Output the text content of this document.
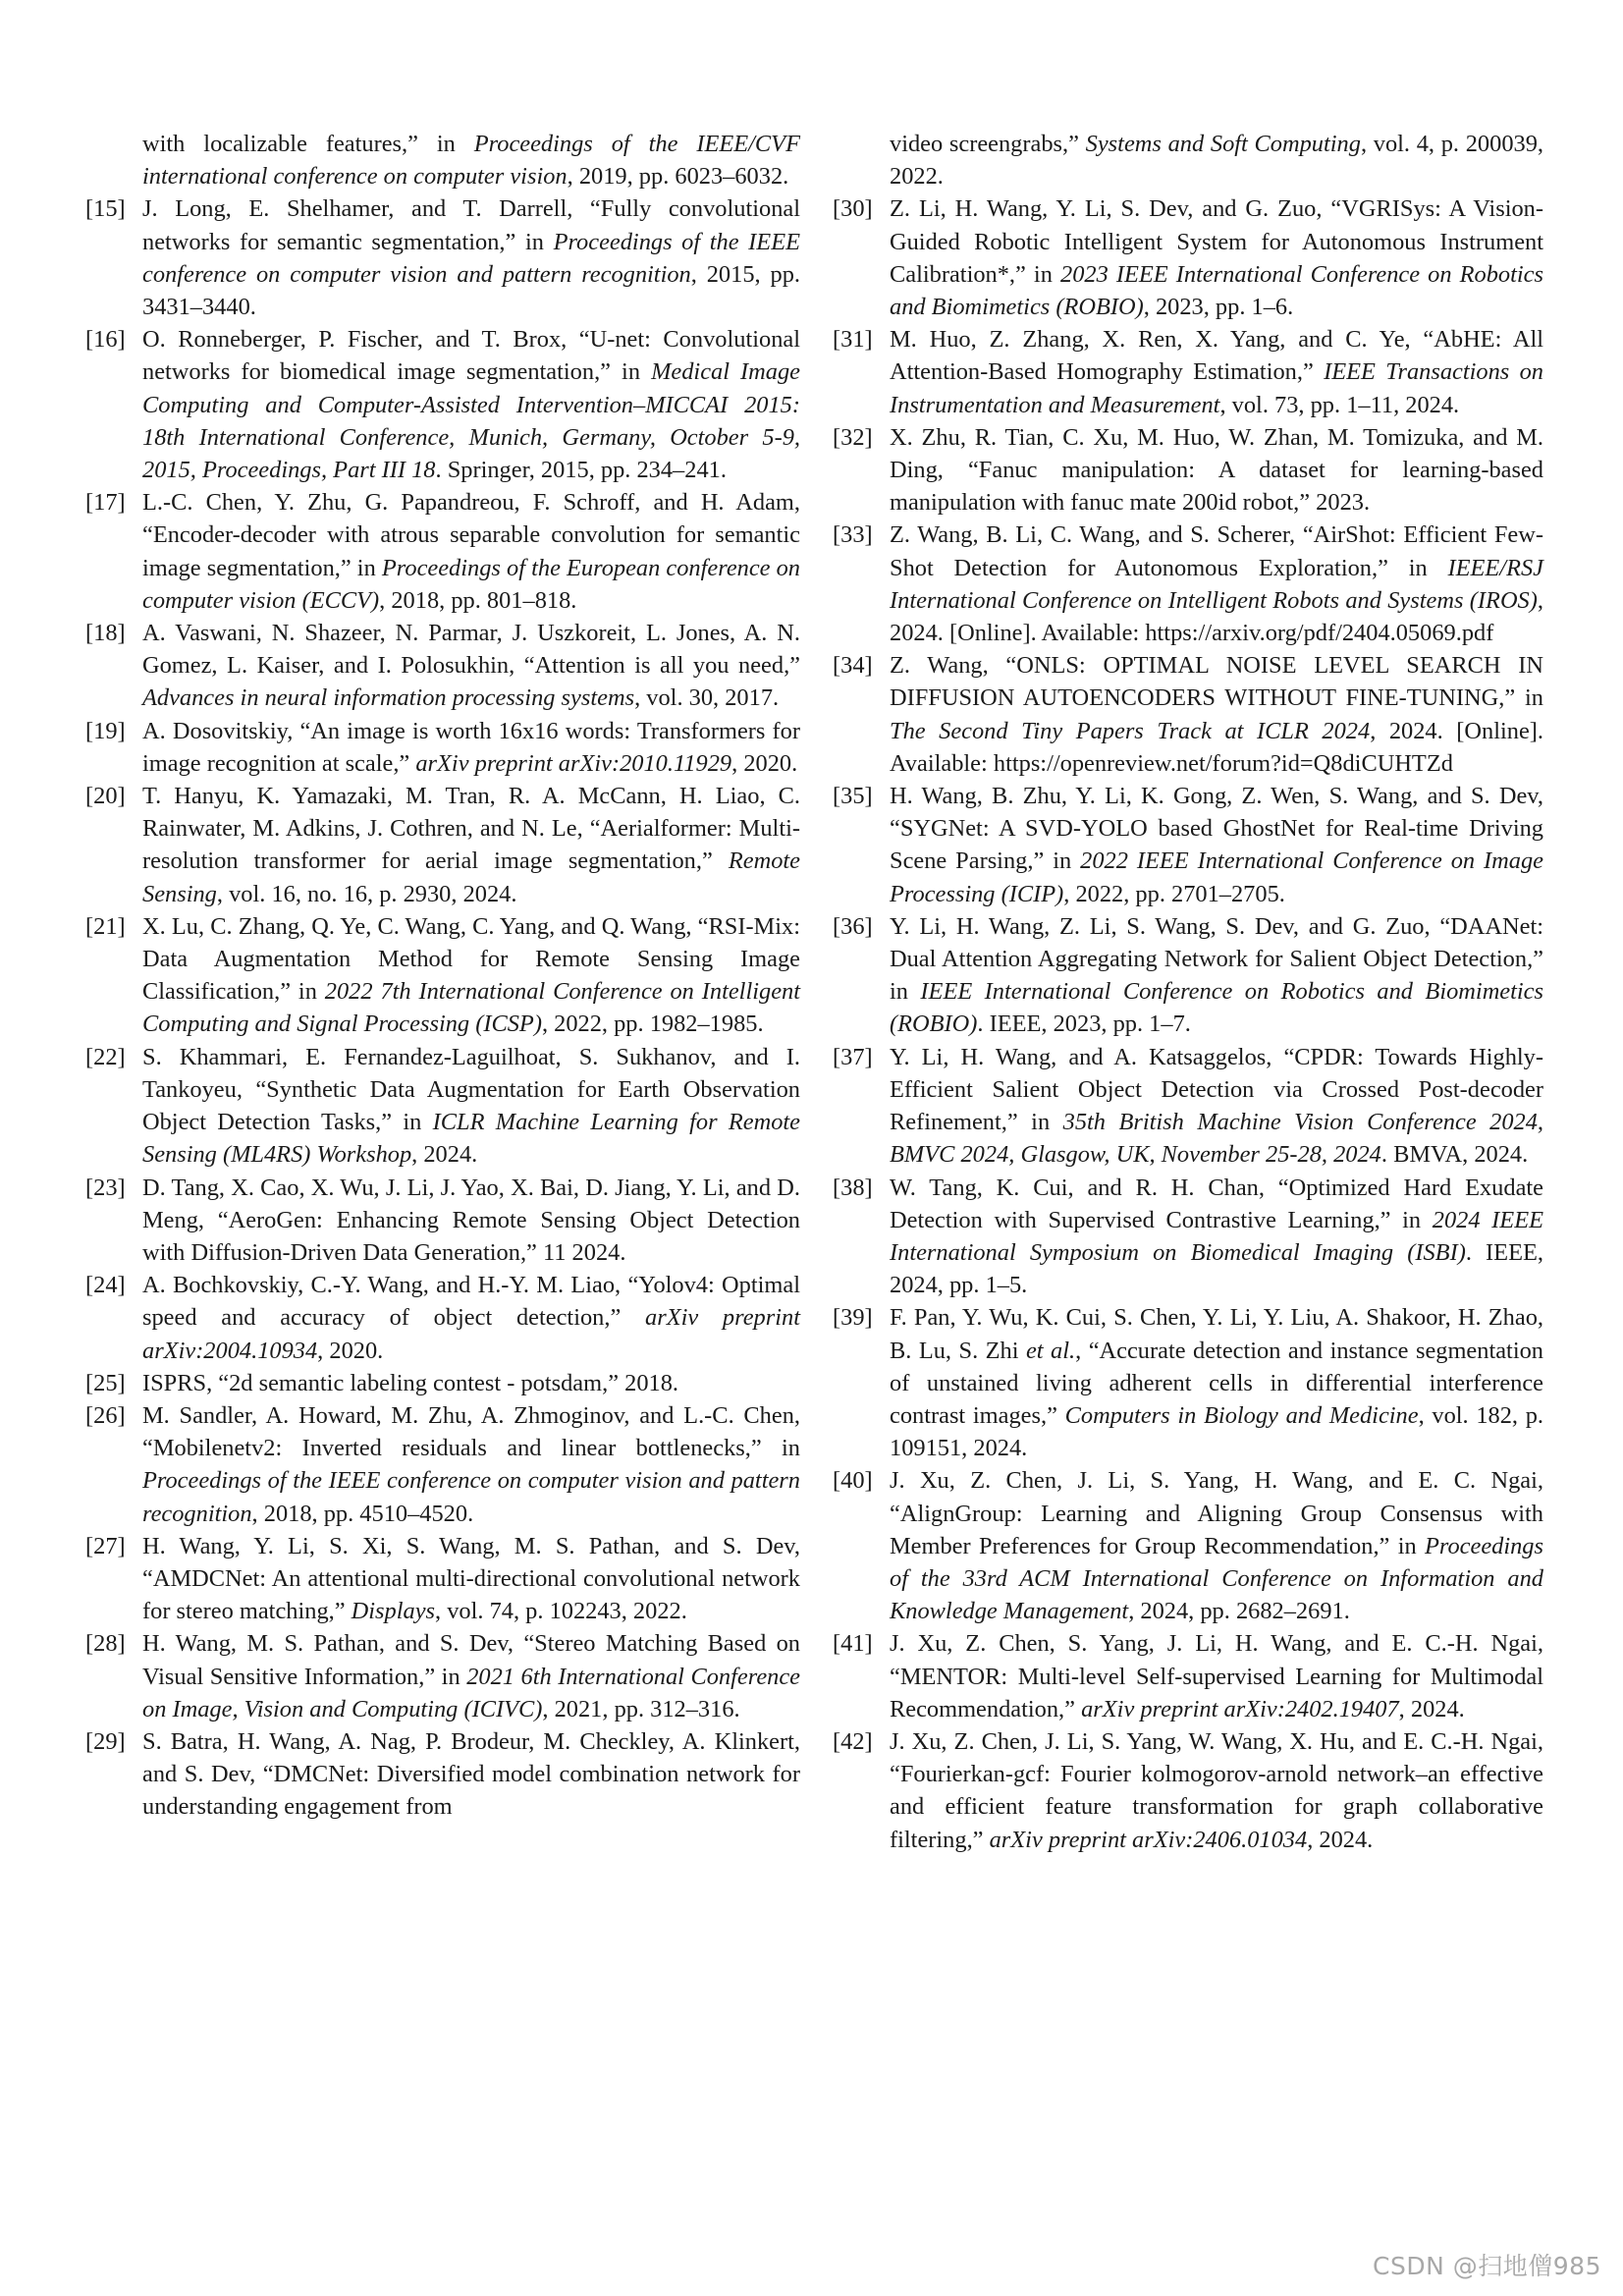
with localizable features,” in Proceedings of the IEEE/CVF international conference on computer vision, 2019, pp. 6023–6032.
[15] J. Long, E. Shelhamer, and T. Darrell, “Fully convolutional networks for semantic segmentation,” in Proceedings of the IEEE conference on computer vision and pattern recognition, 2015, pp. 3431–3440.
[16] O. Ronneberger, P. Fischer, and T. Brox, “U-net: Convolutional networks for biomedical image segmentation,” in Medical Image Computing and Computer-Assisted Intervention–MICCAI 2015: 18th International Conference, Munich, Germany, October 5-9, 2015, Proceedings, Part III 18. Springer, 2015, pp. 234–241.
[17] L.-C. Chen, Y. Zhu, G. Papandreou, F. Schroff, and H. Adam, “Encoder-decoder with atrous separable convolution for semantic image segmentation,” in Proceedings of the European conference on computer vision (ECCV), 2018, pp. 801–818.
[18] A. Vaswani, N. Shazeer, N. Parmar, J. Uszkoreit, L. Jones, A. N. Gomez, L. Kaiser, and I. Polosukhin, “Attention is all you need,” Advances in neural information processing systems, vol. 30, 2017.
[19] A. Dosovitskiy, “An image is worth 16x16 words: Transformers for image recognition at scale,” arXiv preprint arXiv:2010.11929, 2020.
[20] T. Hanyu, K. Yamazaki, M. Tran, R. A. McCann, H. Liao, C. Rainwater, M. Adkins, J. Cothren, and N. Le, “Aerialformer: Multi-resolution transformer for aerial image segmentation,” Remote Sensing, vol. 16, no. 16, p. 2930, 2024.
[21] X. Lu, C. Zhang, Q. Ye, C. Wang, C. Yang, and Q. Wang, “RSI-Mix: Data Augmentation Method for Remote Sensing Image Classification,” in 2022 7th International Conference on Intelligent Computing and Signal Processing (ICSP), 2022, pp. 1982–1985.
[22] S. Khammari, E. Fernandez-Laguilhoat, S. Sukhanov, and I. Tankoyeu, “Synthetic Data Augmentation for Earth Observation Object Detection Tasks,” in ICLR Machine Learning for Remote Sensing (ML4RS) Workshop, 2024.
[23] D. Tang, X. Cao, X. Wu, J. Li, J. Yao, X. Bai, D. Jiang, Y. Li, and D. Meng, “AeroGen: Enhancing Remote Sensing Object Detection with Diffusion-Driven Data Generation,” 11 2024.
[24] A. Bochkovskiy, C.-Y. Wang, and H.-Y. M. Liao, “Yolov4: Optimal speed and accuracy of object detection,” arXiv preprint arXiv:2004.10934, 2020.
[25] ISPRS, “2d semantic labeling contest - potsdam,” 2018.
[26] M. Sandler, A. Howard, M. Zhu, A. Zhmoginov, and L.-C. Chen, “Mobilenetv2: Inverted residuals and linear bottlenecks,” in Proceedings of the IEEE conference on computer vision and pattern recognition, 2018, pp. 4510–4520.
[27] H. Wang, Y. Li, S. Xi, S. Wang, M. S. Pathan, and S. Dev, “AMDCNet: An attentional multi-directional convolutional network for stereo matching,” Displays, vol. 74, p. 102243, 2022.
[28] H. Wang, M. S. Pathan, and S. Dev, “Stereo Matching Based on Visual Sensitive Information,” in 2021 6th International Conference on Image, Vision and Computing (ICIVC), 2021, pp. 312–316.
[29] S. Batra, H. Wang, A. Nag, P. Brodeur, M. Checkley, A. Klinkert, and S. Dev, “DMCNet: Diversified model combination network for understanding engagement from
video screengrabs,” Systems and Soft Computing, vol. 4, p. 200039, 2022.
[30] Z. Li, H. Wang, Y. Li, S. Dev, and G. Zuo, “VGRISys: A Vision-Guided Robotic Intelligent System for Autonomous Instrument Calibration*,” in 2023 IEEE International Conference on Robotics and Biomimetics (ROBIO), 2023, pp. 1–6.
[31] M. Huo, Z. Zhang, X. Ren, X. Yang, and C. Ye, “AbHE: All Attention-Based Homography Estimation,” IEEE Transactions on Instrumentation and Measurement, vol. 73, pp. 1–11, 2024.
[32] X. Zhu, R. Tian, C. Xu, M. Huo, W. Zhan, M. Tomizuka, and M. Ding, “Fanuc manipulation: A dataset for learning-based manipulation with fanuc mate 200id robot,” 2023.
[33] Z. Wang, B. Li, C. Wang, and S. Scherer, “AirShot: Efficient Few-Shot Detection for Autonomous Exploration,” in IEEE/RSJ International Conference on Intelligent Robots and Systems (IROS), 2024. [Online]. Available: https://arxiv.org/pdf/2404.05069.pdf
[34] Z. Wang, “ONLS: OPTIMAL NOISE LEVEL SEARCH IN DIFFUSION AUTOENCODERS WITHOUT FINE-TUNING,” in The Second Tiny Papers Track at ICLR 2024, 2024. [Online]. Available: https://openreview.net/forum?id=Q8diCUHTZd
[35] H. Wang, B. Zhu, Y. Li, K. Gong, Z. Wen, S. Wang, and S. Dev, “SYGNet: A SVD-YOLO based GhostNet for Real-time Driving Scene Parsing,” in 2022 IEEE International Conference on Image Processing (ICIP), 2022, pp. 2701–2705.
[36] Y. Li, H. Wang, Z. Li, S. Wang, S. Dev, and G. Zuo, “DAANet: Dual Attention Aggregating Network for Salient Object Detection,” in IEEE International Conference on Robotics and Biomimetics (ROBIO). IEEE, 2023, pp. 1–7.
[37] Y. Li, H. Wang, and A. Katsaggelos, “CPDR: Towards Highly-Efficient Salient Object Detection via Crossed Post-decoder Refinement,” in 35th British Machine Vision Conference 2024, BMVC 2024, Glasgow, UK, November 25-28, 2024. BMVA, 2024.
[38] W. Tang, K. Cui, and R. H. Chan, “Optimized Hard Exudate Detection with Supervised Contrastive Learning,” in 2024 IEEE International Symposium on Biomedical Imaging (ISBI). IEEE, 2024, pp. 1–5.
[39] F. Pan, Y. Wu, K. Cui, S. Chen, Y. Li, Y. Liu, A. Shakoor, H. Zhao, B. Lu, S. Zhi et al., “Accurate detection and instance segmentation of unstained living adherent cells in differential interference contrast images,” Computers in Biology and Medicine, vol. 182, p. 109151, 2024.
[40] J. Xu, Z. Chen, J. Li, S. Yang, H. Wang, and E. C. Ngai, “AlignGroup: Learning and Aligning Group Consensus with Member Preferences for Group Recommendation,” in Proceedings of the 33rd ACM International Conference on Information and Knowledge Management, 2024, pp. 2682–2691.
[41] J. Xu, Z. Chen, S. Yang, J. Li, H. Wang, and E. C.-H. Ngai, “MENTOR: Multi-level Self-supervised Learning for Multimodal Recommendation,” arXiv preprint arXiv:2402.19407, 2024.
[42] J. Xu, Z. Chen, J. Li, S. Yang, W. Wang, X. Hu, and E. C.-H. Ngai, “Fourierkan-gcf: Fourier kolmogorov-arnold network–an effective and efficient feature transformation for graph collaborative filtering,” arXiv preprint arXiv:2406.01034, 2024.
CSDN @扫地僧985
